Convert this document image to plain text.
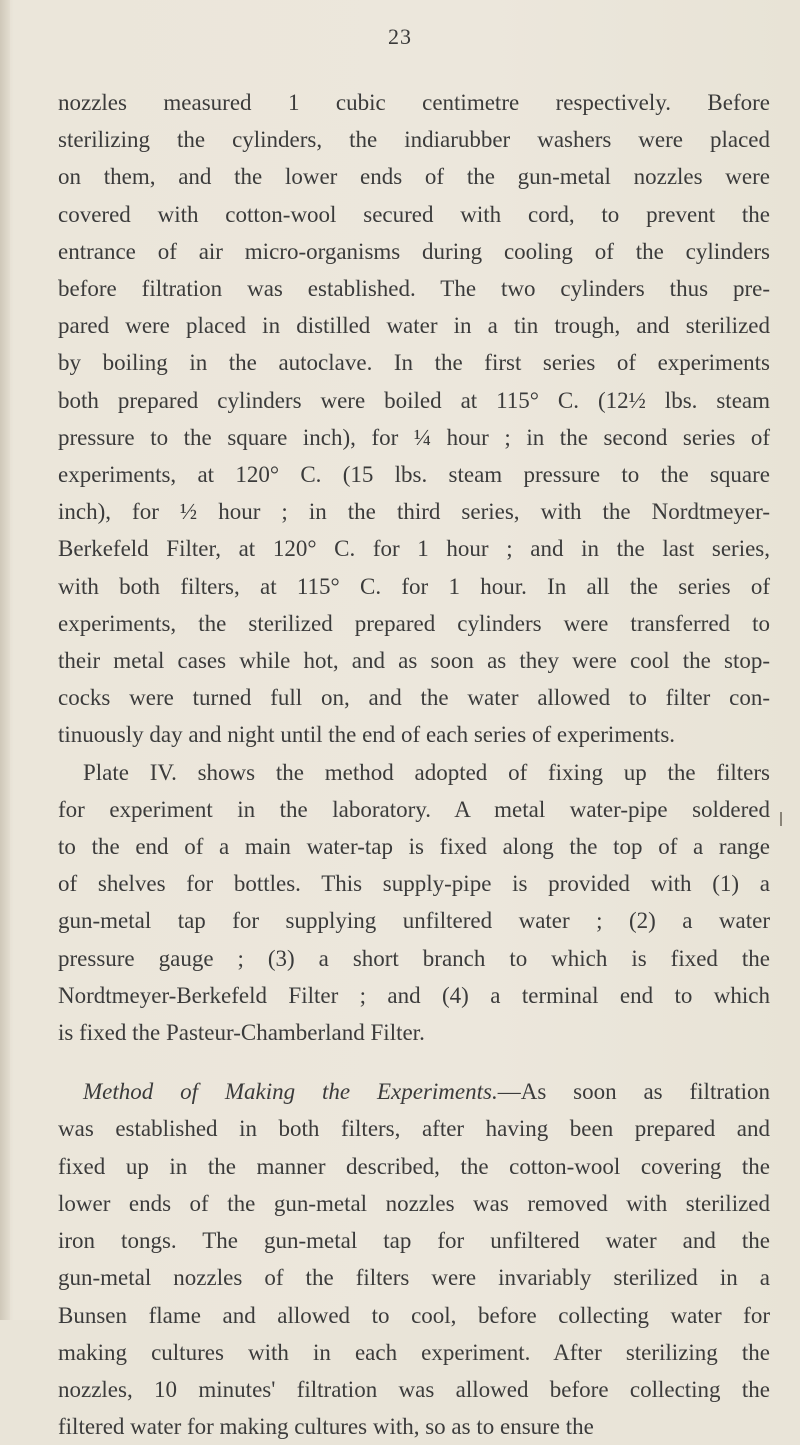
23
nozzles measured 1 cubic centimetre respectively. Before
sterilizing the cylinders, the indiarubber washers were placed
on them, and the lower ends of the gun-metal nozzles were
covered with cotton-wool secured with cord, to prevent the
entrance of air micro-organisms during cooling of the cylinders
before filtration was established. The two cylinders thus pre-
pared were placed in distilled water in a tin trough, and sterilized
by boiling in the autoclave. In the first series of experiments
both prepared cylinders were boiled at 115° C. (12½ lbs. steam
pressure to the square inch), for ¼ hour ; in the second series of
experiments, at 120° C. (15 lbs. steam pressure to the square
inch), for ½ hour ; in the third series, with the Nordtmeyer-
Berkefeld Filter, at 120° C. for 1 hour ; and in the last series,
with both filters, at 115° C. for 1 hour. In all the series of
experiments, the sterilized prepared cylinders were transferred to
their metal cases while hot, and as soon as they were cool the stop-
cocks were turned full on, and the water allowed to filter con-
tinuously day and night until the end of each series of experiments.
Plate IV. shows the method adopted of fixing up the filters
for experiment in the laboratory. A metal water-pipe soldered
to the end of a main water-tap is fixed along the top of a range
of shelves for bottles. This supply-pipe is provided with (1) a
gun-metal tap for supplying unfiltered water ; (2) a water
pressure gauge ; (3) a short branch to which is fixed the
Nordtmeyer-Berkefeld Filter ; and (4) a terminal end to which
is fixed the Pasteur-Chamberland Filter.
Method of Making the Experiments.—As soon as filtration
was established in both filters, after having been prepared and
fixed up in the manner described, the cotton-wool covering the
lower ends of the gun-metal nozzles was removed with sterilized
iron tongs. The gun-metal tap for unfiltered water and the
gun-metal nozzles of the filters were invariably sterilized in a
Bunsen flame and allowed to cool, before collecting water for
making cultures with in each experiment. After sterilizing the
nozzles, 10 minutes' filtration was allowed before collecting the
filtered water for making cultures with, so as to ensure the
